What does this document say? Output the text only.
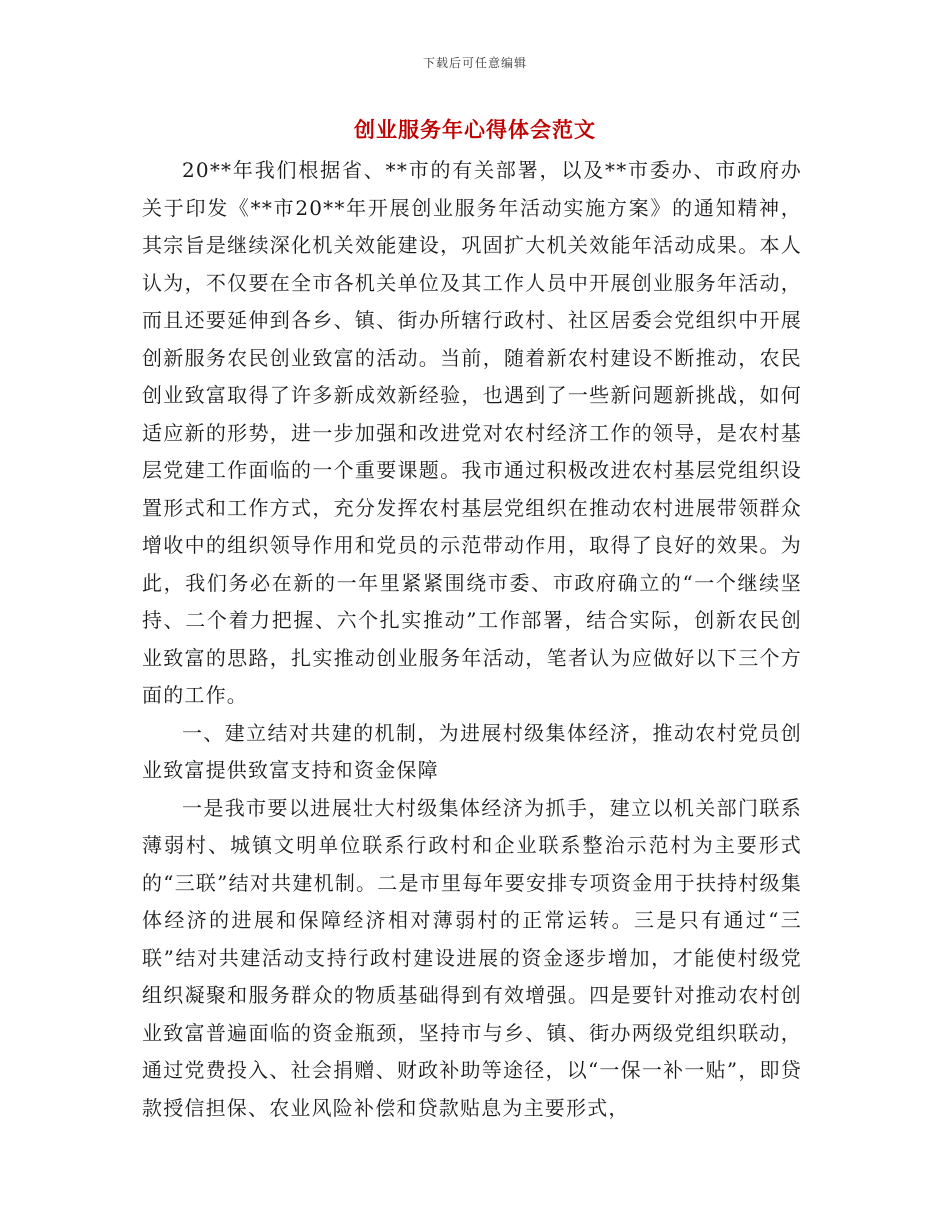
下载后可任意编辑
创业服务年心得体会范文

20**年我们根据省、**市的有关部署，以及**市委办、市政府办关于印发《**市20**年开展创业服务年活动实施方案》的通知精神，其宗旨是继续深化机关效能建设，巩固扩大机关效能年活动成果。本人认为，不仅要在全市各机关单位及其工作人员中开展创业服务年活动，而且还要延伸到各乡、镇、街办所辖行政村、社区居委会党组织中开展创新服务农民创业致富的活动。当前，随着新农村建设不断推动，农民创业致富取得了许多新成效新经验，也遇到了一些新问题新挑战，如何适应新的形势，进一步加强和改进党对农村经济工作的领导，是农村基层党建工作面临的一个重要课题。我市通过积极改进农村基层党组织设置形式和工作方式，充分发挥农村基层党组织在推动农村进展带领群众增收中的组织领导作用和党员的示范带动作用，取得了良好的效果。为此，我们务必在新的一年里紧紧围绕市委、市政府确立的“一个继续坚持、二个着力把握、六个扎实推动”工作部署，结合实际，创新农民创业致富的思路，扎实推动创业服务年活动，笔者认为应做好以下三个方面的工作。

一、建立结对共建的机制，为进展村级集体经济，推动农村党员创业致富提供致富支持和资金保障

一是我市要以进展壮大村级集体经济为抓手，建立以机关部门联系薄弱村、城镇文明单位联系行政村和企业联系整治示范村为主要形式的“三联”结对共建机制。二是市里每年要安排专项资金用于扶持村级集体经济的进展和保障经济相对薄弱村的正常运转。三是只有通过“三联”结对共建活动支持行政村建设进展的资金逐步增加，才能使村级党组织凝聚和服务群众的物质基础得到有效增强。四是要针对推动农村创业致富普遍面临的资金瓶颈，坚持市与乡、镇、街办两级党组织联动，通过党费投入、社会捐赠、财政补助等途径，以“一保一补一贴”，即贷款授信担保、农业风险补偿和贷款贴息为主要形式，
